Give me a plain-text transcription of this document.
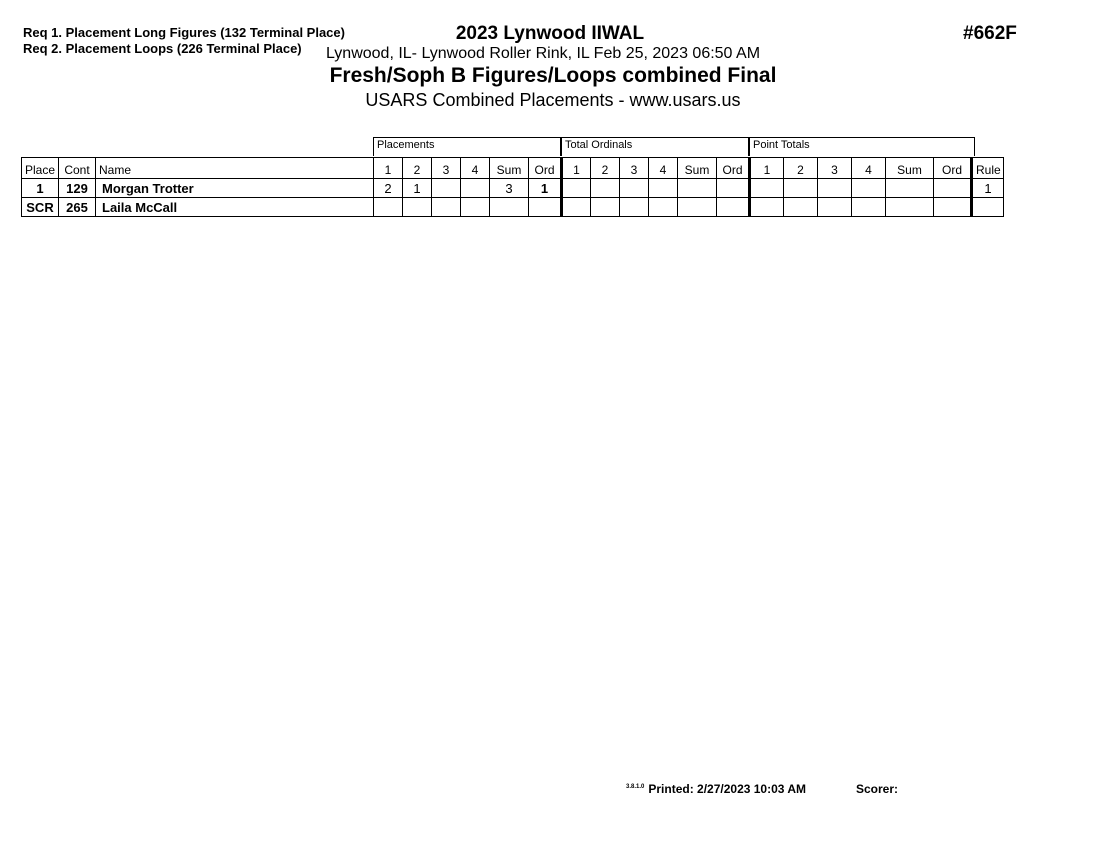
Req 1. Placement Long Figures (132 Terminal Place)
Req 2. Placement Loops (226 Terminal Place)
2023 Lynwood IIWAL
Lynwood, IL- Lynwood Roller Rink, IL Feb 25, 2023 06:50 AM
Fresh/Soph B Figures/Loops combined Final
USARS Combined Placements - www.usars.us
#662F
Placements	Total Ordinals	Point Totals
Place	Cont	Name	1	2	3	4	Sum	Ord	1	2	3	4	Sum	Ord	1	2	3	4	Sum	Ord	Rule
1	129	Morgan Trotter	2	1			3	1													1
SCR	265	Laila McCall																			
$^{3.8.1.0}$ Printed: 2/27/2023 10:03 AM	Scorer:
